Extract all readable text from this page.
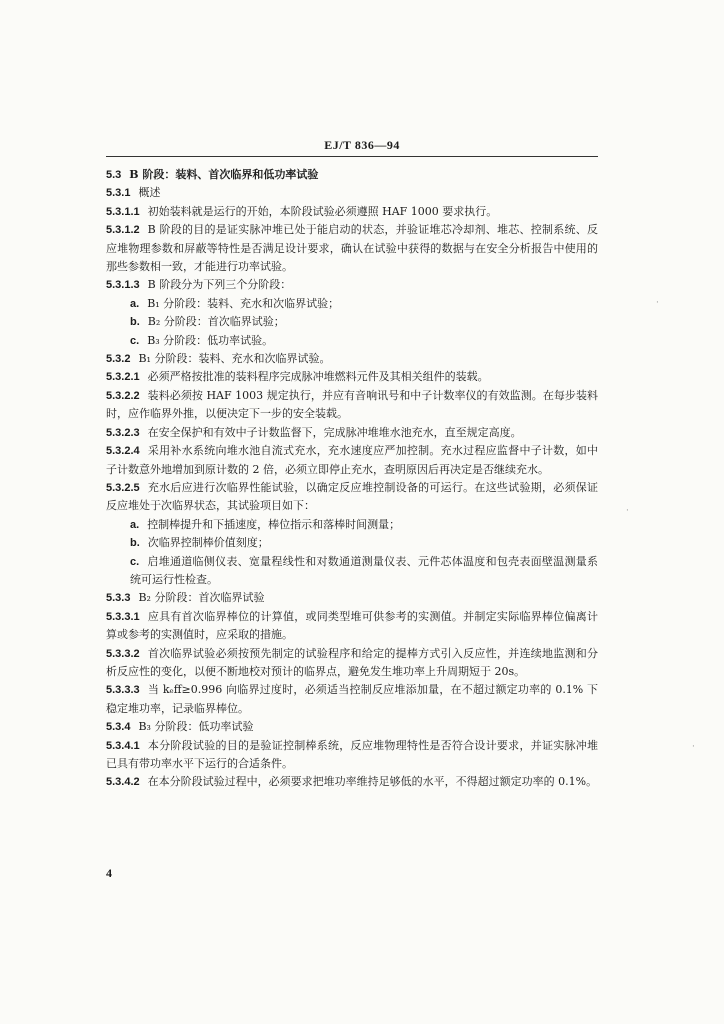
EJ/T 836—94

5.3 B 阶段：装料、首次临界和低功率试验

5.3.1 概述

5.3.1.1 初始装料就是运行的开始，本阶段试验必须遵照 HAF 1000 要求执行。

5.3.1.2 B 阶段的目的是证实脉冲堆已处于能启动的状态，并验证堆芯冷却剂、堆芯、控制系统、反应堆物理参数和屏蔽等特性是否满足设计要求，确认在试验中获得的数据与在安全分析报告中使用的那些参数相一致，才能进行功率试验。

5.3.1.3 B 阶段分为下列三个分阶段：

a. B₁ 分阶段：装料、充水和次临界试验；

b. B₂ 分阶段：首次临界试验；

c. B₃ 分阶段：低功率试验。

5.3.2 B₁ 分阶段：装料、充水和次临界试验。

5.3.2.1 必须严格按批准的装料程序完成脉冲堆燃料元件及其相关组件的装载。

5.3.2.2 装料必须按 HAF 1003 规定执行，并应有音响讯号和中子计数率仪的有效监测。在每步装料时，应作临界外推，以便决定下一步的安全装载。

5.3.2.3 在安全保护和有效中子计数监督下，完成脉冲堆堆水池充水，直至规定高度。

5.3.2.4 采用补水系统向堆水池自流式充水，充水速度应严加控制。充水过程应监督中子计数，如中子计数意外地增加到原计数的 2 倍，必须立即停止充水，查明原因后再决定是否继续充水。

5.3.2.5 充水后应进行次临界性能试验，以确定反应堆控制设备的可运行。在这些试验期，必须保证反应堆处于次临界状态，其试验项目如下：

a. 控制棒提升和下插速度，棒位指示和落棒时间测量；

b. 次临界控制棒价值刻度；

c. 启堆通道临侧仪表、宽量程线性和对数通道测量仪表、元件芯体温度和包壳表面壁温测量系统可运行性检查。

5.3.3 B₂ 分阶段：首次临界试验

5.3.3.1 应具有首次临界棒位的计算值，或同类型堆可供参考的实测值。并制定实际临界棒位偏离计算或参考的实测值时，应采取的措施。

5.3.3.2 首次临界试验必须按预先制定的试验程序和给定的提棒方式引入反应性，并连续地监测和分析反应性的变化，以便不断地校对预计的临界点，避免发生堆功率上升周期短于 20s。

5.3.3.3 当 kₑff≥0.996 向临界过度时，必须适当控制反应堆添加量，在不超过额定功率的 0.1% 下稳定堆功率，记录临界棒位。

5.3.4 B₃ 分阶段：低功率试验

5.3.4.1 本分阶段试验的目的是验证控制棒系统，反应堆物理特性是否符合设计要求，并证实脉冲堆已具有带功率水平下运行的合适条件。

5.3.4.2 在本分阶段试验过程中，必须要求把堆功率维持足够低的水平，不得超过额定功率的 0.1%。

4
·
·
·
